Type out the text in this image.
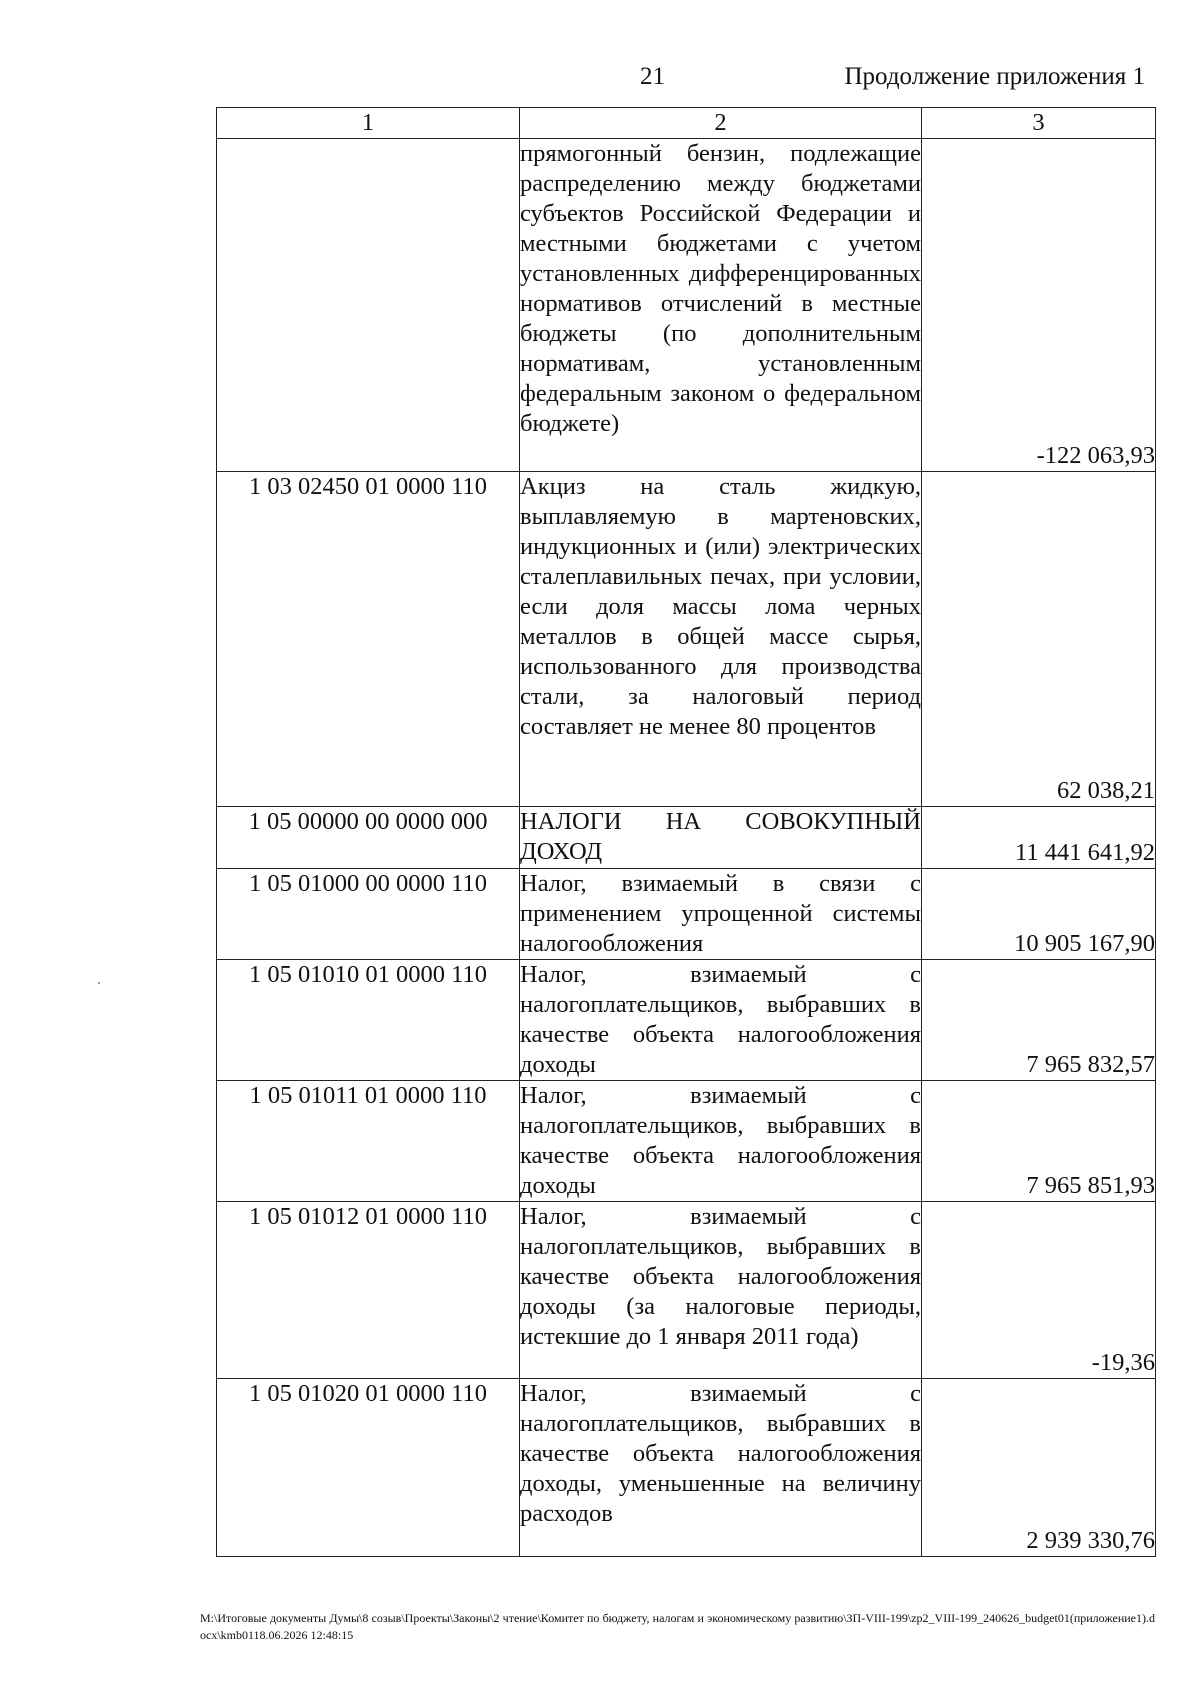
21	Продолжение приложения 1
1	2	3
	прямогонный бензин, подлежащие распределению между бюджетами субъектов Российской Федерации и местными бюджетами с учетом установленных дифференцированных нормативов отчислений в местные бюджеты (по дополнительным нормативам, установленным федеральным законом о федеральном бюджете)	-122 063,93
1 03 02450 01 0000 110	Акциз на сталь жидкую, выплавляемую в мартеновских, индукционных и (или) электрических сталеплавильных печах, при условии, если доля массы лома черных металлов в общей массе сырья, использованного для производства стали, за налоговый период составляет не менее 80 процентов	62 038,21
1 05 00000 00 0000 000	НАЛОГИ НА СОВОКУПНЫЙ ДОХОД	11 441 641,92
1 05 01000 00 0000 110	Налог, взимаемый в связи с применением упрощенной системы налогообложения	10 905 167,90
1 05 01010 01 0000 110	Налог, взимаемый с налогоплательщиков, выбравших в качестве объекта налогообложения доходы	7 965 832,57
1 05 01011 01 0000 110	Налог, взимаемый с налогоплательщиков, выбравших в качестве объекта налогообложения доходы	7 965 851,93
1 05 01012 01 0000 110	Налог, взимаемый с налогоплательщиков, выбравших в качестве объекта налогообложения доходы (за налоговые периоды, истекшие до 1 января 2011 года)	-19,36
1 05 01020 01 0000 110	Налог, взимаемый с налогоплательщиков, выбравших в качестве объекта налогообложения доходы, уменьшенные на величину расходов	2 939 330,76
M:\Итоговые документы Думы\8 созыв\Проекты\Законы\2 чтение\Комитет по бюджету, налогам и экономическому развитию\ЗП-VIII-199\zp2_VIII-199_240626_budget01(приложение1).docx\kmb0118.06.2026 12:48:15
